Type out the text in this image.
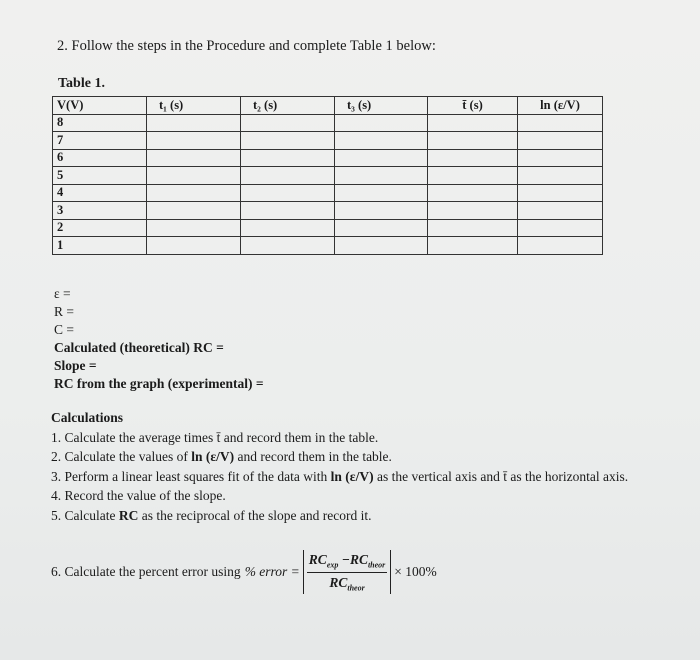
2. Follow the steps in the Procedure and complete Table 1 below:
Table 1.
V(V)	t₁ (s)	t₂ (s)	t₃ (s)	t̄ (s)	ln (ε/V)
8					
7					
6					
5					
4					
3					
2					
1					
ε =
R =
C =
Calculated (theoretical) RC =
Slope =
RC from the graph (experimental) =
Calculations
1. Calculate the average times t̄ and record them in the table.
2. Calculate the values of ln (ε/V) and record them in the table.
3. Perform a linear least squares fit of the data with ln (ε/V) as the vertical axis and t̄ as the horizontal axis.
4. Record the value of the slope.
5. Calculate RC as the reciprocal of the slope and record it.
6. Calculate the percent error using % error = $\frac{RC_{exp} -RC_{theor}}{RC_{theor}} \times 100\%$
